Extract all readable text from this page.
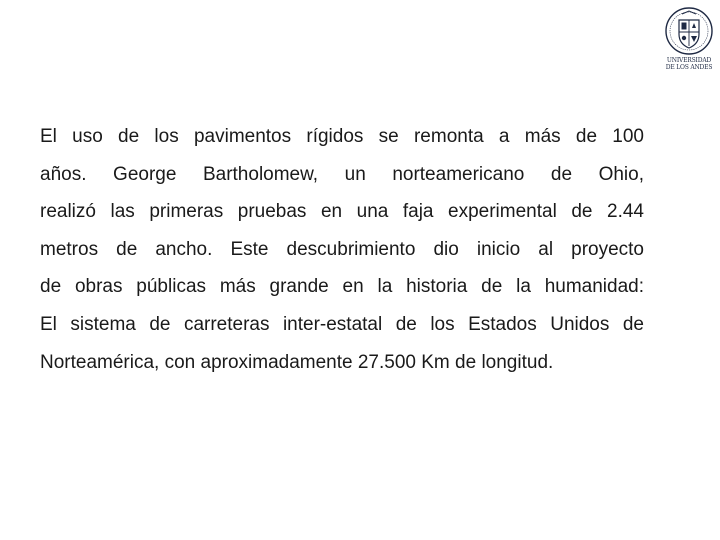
UNIVERSIDAD
DE LOS ANDES
El uso de los pavimentos rígidos se remonta a más de 100
años. George Bartholomew, un norteamericano de Ohio,
realizó las primeras pruebas en una faja experimental de 2.44
metros de ancho. Este descubrimiento dio inicio al proyecto
de obras públicas más grande en la historia de la humanidad:
El sistema de carreteras inter-estatal de los Estados Unidos de
Norteamérica, con aproximadamente 27.500 Km de longitud.
